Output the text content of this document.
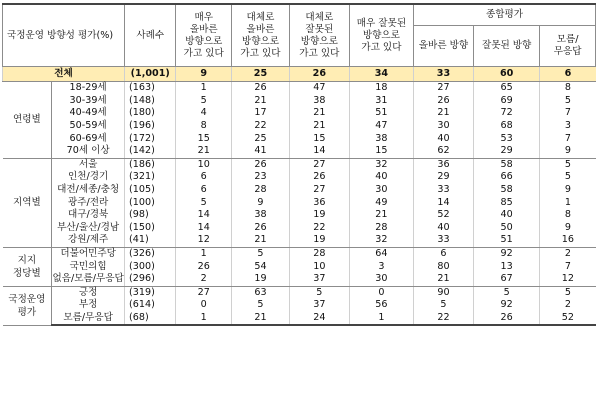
국정운영 방향성 평가(%)		사례수	매우
올바른
방향으로
가고 있다	대체로
올바른
방향으로
가고 있다	대체로
잘못된
방향으로
가고 있다	매우 잘못된
방향으로
가고 있다	종합평가		
							올바른 방향	잘못된 방향	모름/
무응답
전체		(1,001)	9	25	26	34	33	60	6
연령별	18-29세	(163)	1	26	47	18	27	65	8
	30-39세	(148)	5	21	38	31	26	69	5
	40-49세	(180)	4	17	21	51	21	72	7
	50-59세	(196)	8	22	21	47	30	68	3
	60-69세	(172)	15	25	15	38	40	53	7
	70세 이상	(142)	21	41	14	15	62	29	9
지역별	서울	(186)	10	26	27	32	36	58	5
	인천/경기	(321)	6	23	26	40	29	66	5
	대전/세종/충청	(105)	6	28	27	30	33	58	9
	광주/전라	(100)	5	9	36	49	14	85	1
	대구/경북	(98)	14	38	19	21	52	40	8
	부산/울산/경남	(150)	14	26	22	28	40	50	9
	강원/제주	(41)	12	21	19	32	33	51	16
지지
정당별	더불어민주당	(326)	1	5	28	64	6	92	2
	국민의힘	(300)	26	54	10	3	80	13	7
	없음/모름/무응답	(296)	2	19	37	30	21	67	12
국정운영
평가	긍정	(319)	27	63	5	0	90	5	5
	부정	(614)	0	5	37	56	5	92	2
	모름/무응답	(68)	1	21	24	1	22	26	52
